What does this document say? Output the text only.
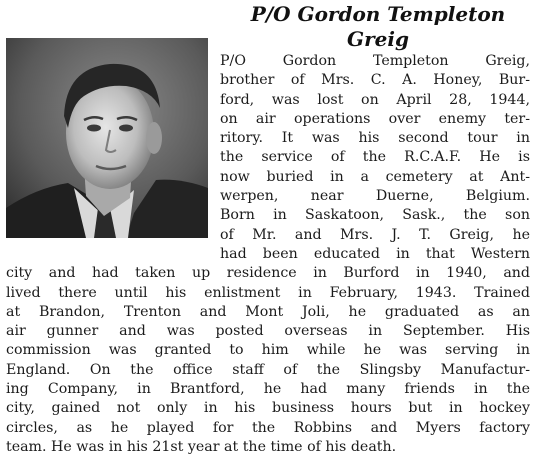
P/O Gordon Templeton
Greig
P/O Gordon Templeton Greig,
brother of Mrs. C. A. Honey, Bur-
ford, was lost on April 28, 1944,
on air operations over enemy ter-
ritory. It was his second tour in
the service of the R.C.A.F. He is
now buried in a cemetery at Ant-
werpen, near Duerne, Belgium.
Born in Saskatoon, Sask., the son
of Mr. and Mrs. J. T. Greig, he
had been educated in that Western
city and had taken up residence in Burford in 1940, and
lived there until his enlistment in February, 1943. Trained
at Brandon, Trenton and Mont Joli, he graduated as an
air gunner and was posted overseas in September. His
commission was granted to him while he was serving in
England. On the office staff of the Slingsby Manufactur-
ing Company, in Brantford, he had many friends in the
city, gained not only in his business hours but in hockey
circles, as he played for the Robbins and Myers factory
team. He was in his 21st year at the time of his death.
